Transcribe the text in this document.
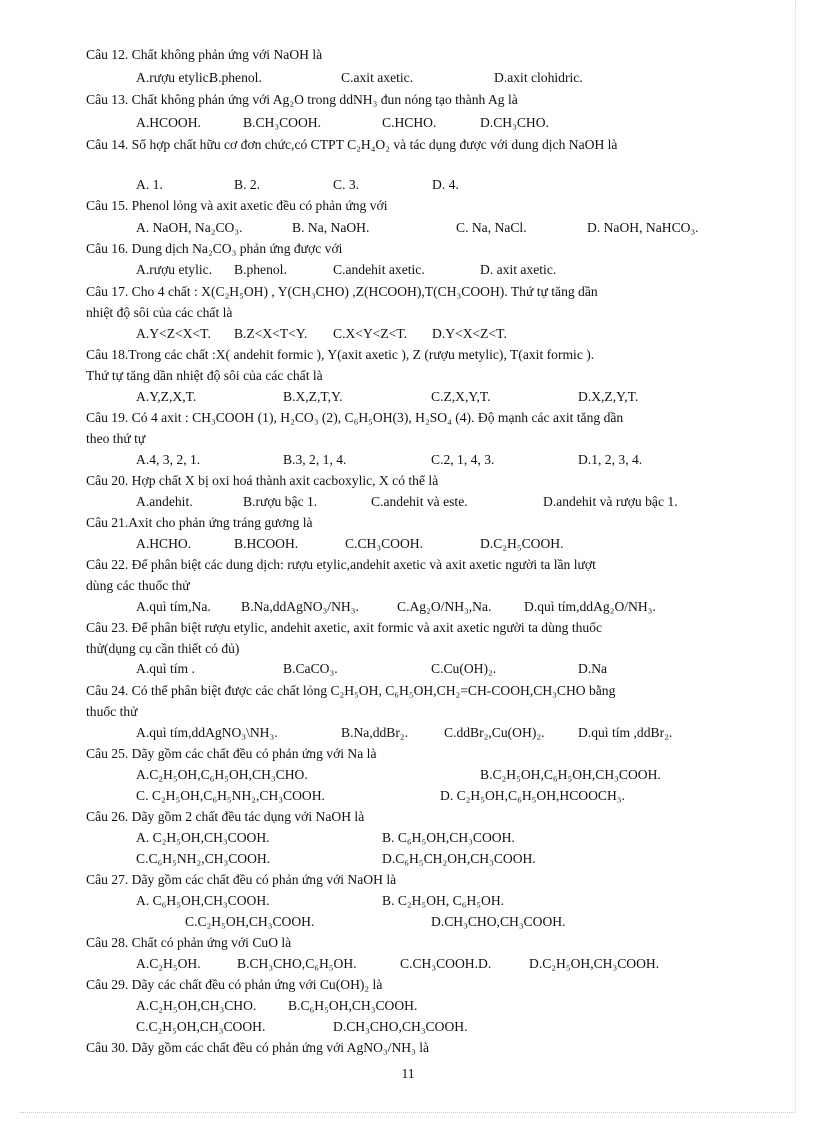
Câu 12. Chất không phản ứng với NaOH là
A.rượu etylic.
B.phenol.	C.axit axetic.	D.axit clohidric.
Câu 13. Chất không phản ứng với Ag₂O trong ddNH₃ đun nóng tạo thành Ag là
A.HCOOH.	B.CH₃COOH.	C.HCHO.	D.CH₃CHO.
Câu 14. Số hợp chất hữu cơ đơn chức,có CTPT C₂H₄O₂ và tác dụng được với dung dịch NaOH là
A. 1.	B. 2.	C. 3.	D. 4.
Câu 15. Phenol lỏng và axit axetic đều có phản ứng với
A. NaOH, Na₂CO₃.	B. Na, NaOH.	C. Na, NaCl.	D. NaOH, NaHCO₃.
Câu 16. Dung dịch Na₂CO₃ phản ứng được với
A.rượu etylic. B.phenol.	C.andehit axetic.	D. axit axetic.
Câu 17. Cho 4 chất : X(C₂H₅OH) , Y(CH₃CHO) ,Z(HCOOH),T(CH₃COOH). Thứ tự tăng dần
nhiệt độ sôi của các chất là
A.Y<Z<X<T. B.Z<X<T<Y. C.X<Y<Z<T. D.Y<X<Z<T.
Câu 18.Trong các chất :X( andehit formic ), Y(axit axetic ), Z (rượu metylic), T(axit formic ).
Thứ tự tăng dần nhiệt độ sôi của các chất là
A.Y,Z,X,T.	B.X,Z,T,Y.	C.Z,X,Y,T.	D.X,Z,Y,T.
Câu 19. Có 4 axit : CH₃COOH (1), H₂CO₃ (2), C₆H₅OH(3), H₂SO₄ (4). Độ mạnh các axit tăng dần
theo thứ tự
A.4, 3, 2, 1.	B.3, 2, 1, 4.	C.2, 1, 4, 3.	D.1, 2, 3, 4.
Câu 20. Hợp chất X bị oxi hoá thành axit cacboxylic, X có thể là
A.andehit.	B.rượu bậc 1.	C.andehit và este.	D.andehit và rượu bậc 1.
Câu 21.Axit cho phản ứng tráng gương là
A.HCHO.	B.HCOOH.	C.CH₃COOH.	D.C₂H₅COOH.
Câu 22. Để phân biệt các dung dịch: rượu etylic,andehit axetic và axit axetic người ta lần lượt
dùng các thuốc thử
A.quì tím,Na. B.Na,ddAgNO₃/NH₃.	C.Ag₂O/NH₃,Na. D.quì tím,ddAg₂O/NH₃.
Câu 23. Để phân biệt rượu etylic, andehit axetic, axit formic và axit axetic người ta dùng thuốc
thử(dụng cụ cần thiết có đủ)
A.quì tím .	B.CaCO₃.	C.Cu(OH)₂.	D.Na
Câu 24. Có thể phân biệt được các chất lỏng C₂H₅OH, C₆H₅OH,CH₂=CH-COOH,CH₃CHO bằng
thuốc thử
A.quì tím,ddAgNO₃\NH₃.	B.Na,ddBr₂.	C.ddBr₂,Cu(OH)₂. D.quì tím ,ddBr₂.
Câu 25. Dãy gồm các chất đều có phản ứng với Na là
A.C₂H₅OH,C₆H₅OH,CH₃CHO.	B.C₂H₅OH,C₆H₅OH,CH₃COOH.
C. C₂H₅OH,C₆H₅NH₂,CH₃COOH.	D. C₂H₅OH,C₆H₅OH,HCOOCH₃.
Câu 26. Dãy gồm 2 chất đều tác dụng với NaOH là
A. C₂H₅OH,CH₃COOH.	B. C₆H₅OH,CH₃COOH.
C.C₆H₅NH₂,CH₃COOH.	D.C₆H₅CH₂OH,CH₃COOH.
Câu 27. Dãy gồm các chất đều có phản ứng với NaOH là
A. C₆H₅OH,CH₃COOH.	B. C₂H₅OH, C₆H₅OH.
C.C₂H₅OH,CH₃COOH.	D.CH₃CHO,CH₃COOH.
Câu 28. Chất có phản ứng với CuO là
A.C₂H₅OH.	B.CH₃CHO,C₆H₅OH.	C.CH₃COOH.D.	D.C₂H₅OH,CH₃COOH.
Câu 29. Dãy các chất đều có phản ứng với Cu(OH)₂ là
A.C₂H₅OH,CH₃CHO. B.C₆H₅OH,CH₃COOH.
C.C₂H₅OH,CH₃COOH.	D.CH₃CHO,CH₃COOH.
Câu 30. Dãy gồm các chất đều có phản ứng với AgNO₃/NH₃ là
11
